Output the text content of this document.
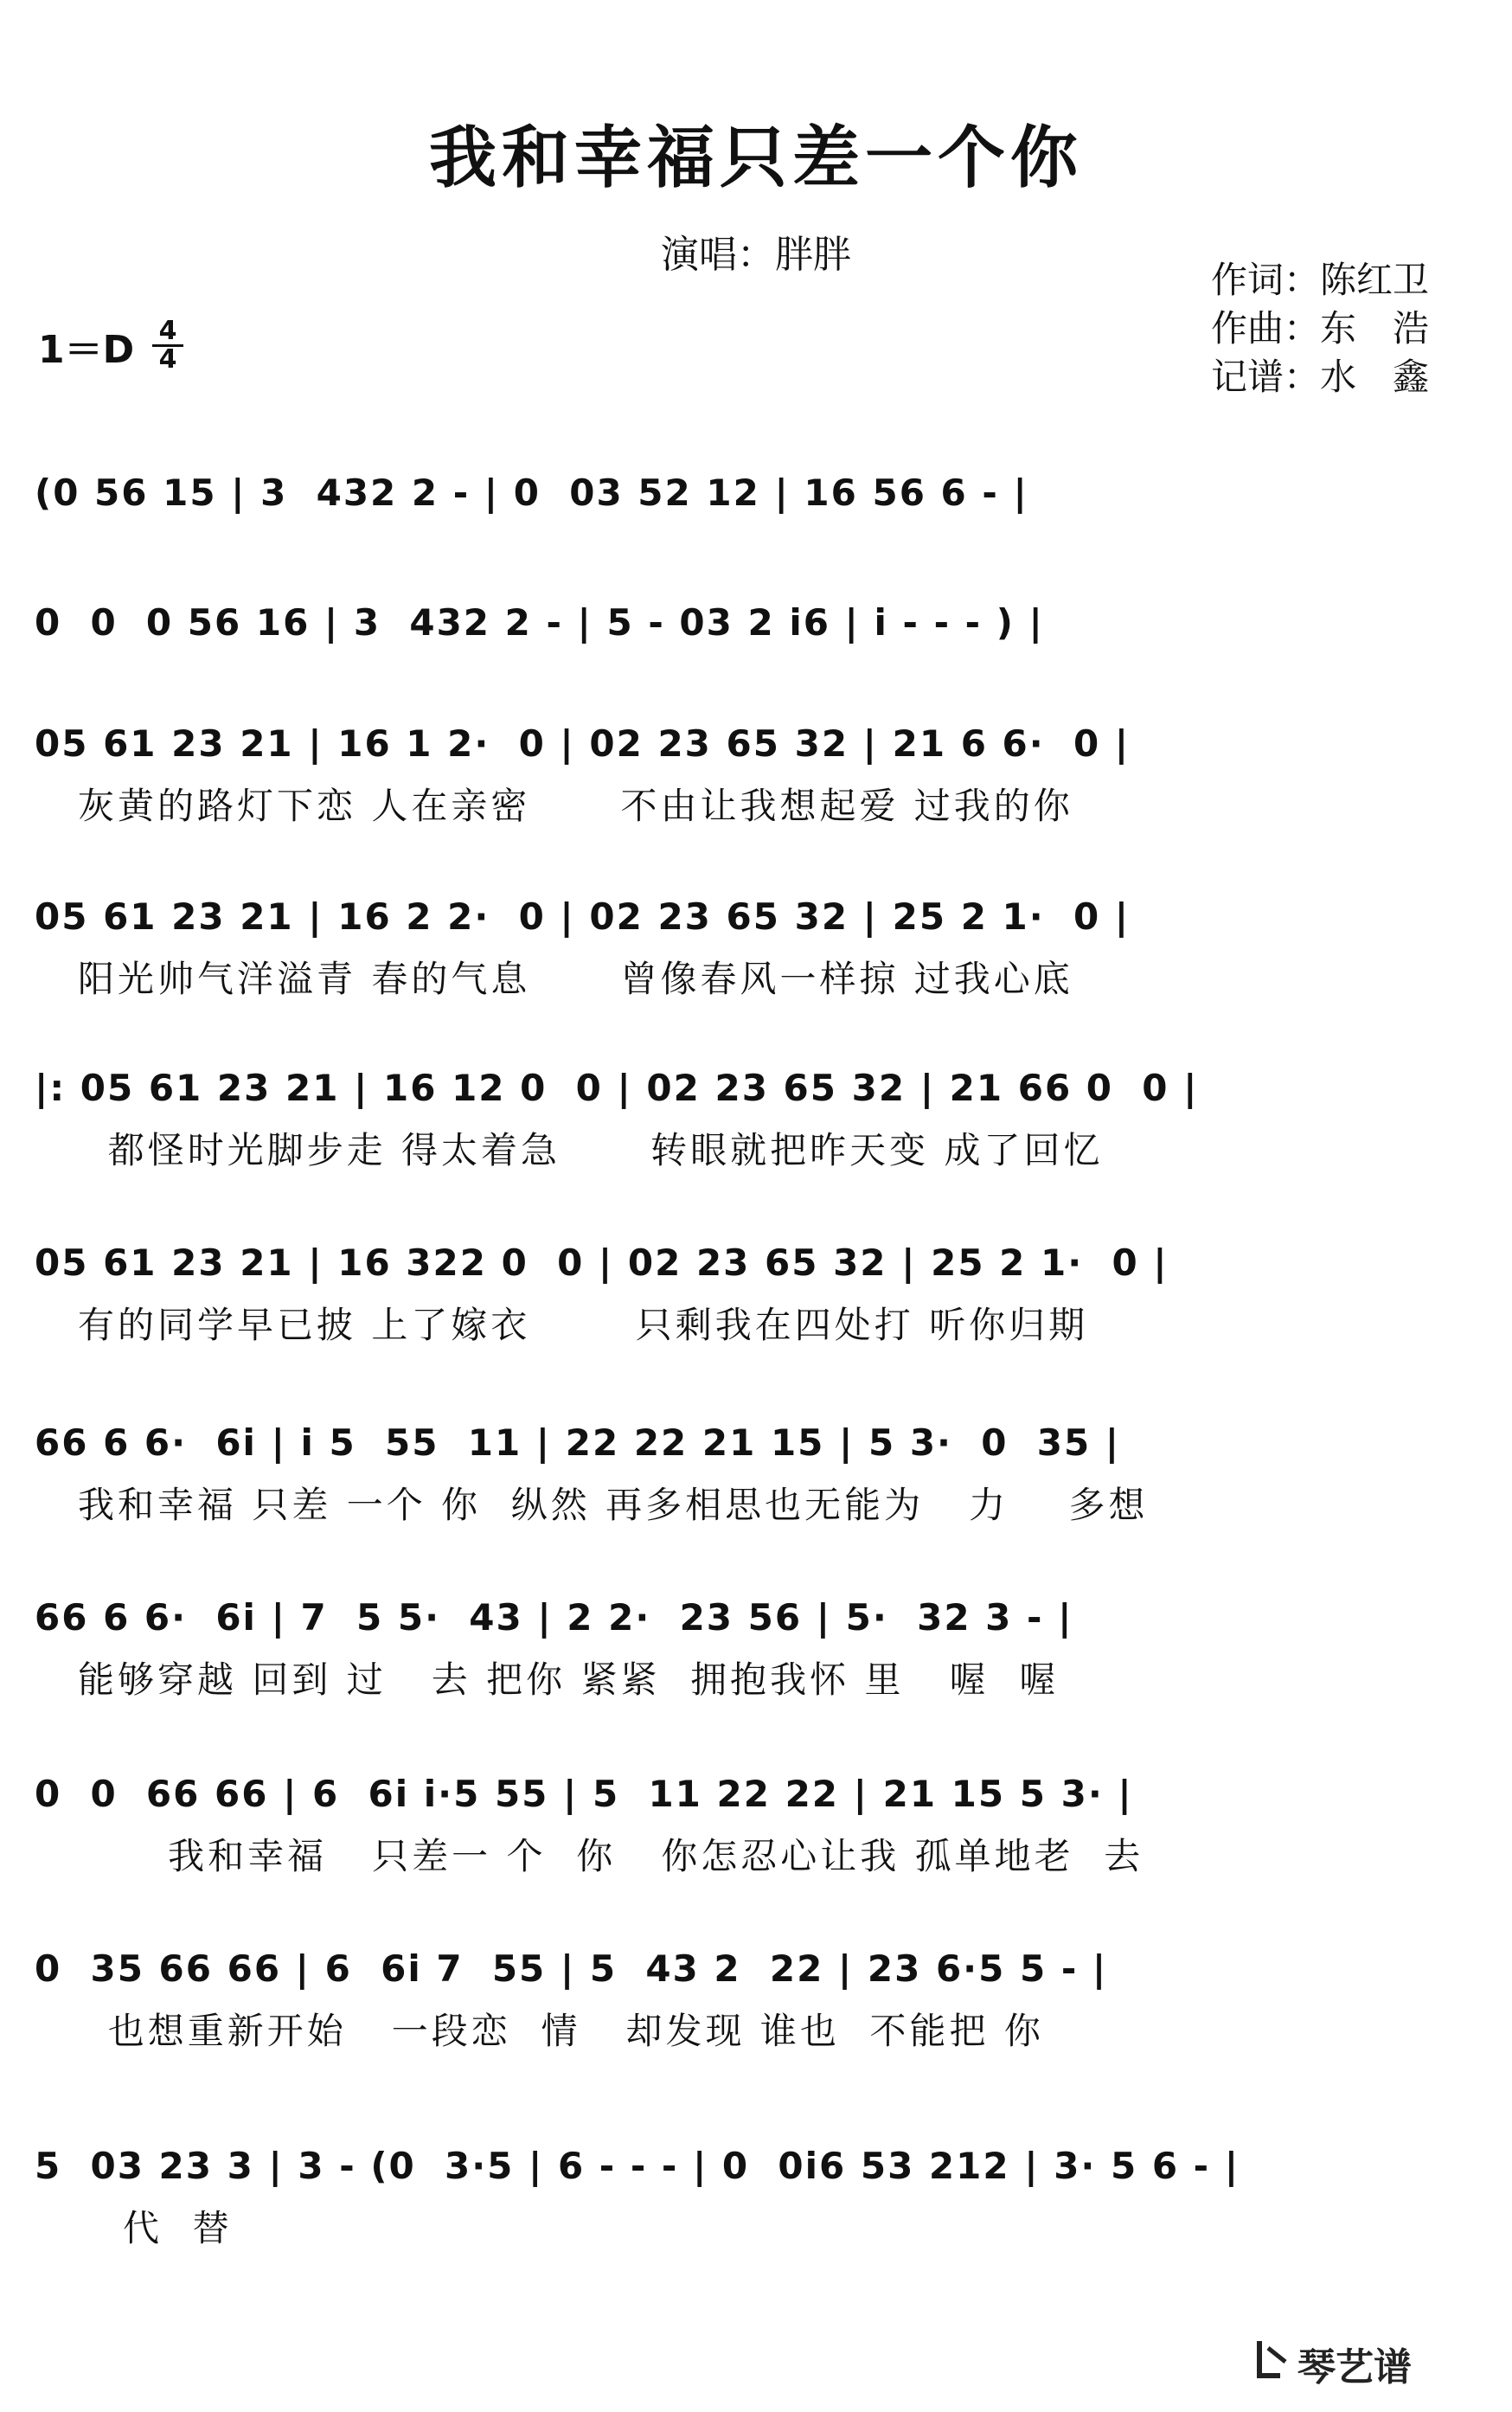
我和幸福只差一个你
演唱：胖胖
作词：陈红卫
作曲：东　浩
记谱：水　鑫
$1=D \frac{4}{4}$
(0 56 15 | 3  432 2 - | 0  03 52 12 | 16 56 6 - |
0  0  0 56 16 | 3  432 2 - | 5 - 03 2 i6 | i - - - ) |
05 61 23 21 | 16 1 2·  0 | 02 23 65 32 | 21 6 6·  0 |
灰黄的路灯下恋 人在亲密      不由让我想起爱 过我的你
05 61 23 21 | 16 2 2·  0 | 02 23 65 32 | 25 2 1·  0 |
阳光帅气洋溢青 春的气息      曾像春风一样掠 过我心底
|: 05 61 23 21 | 16 12 0  0 | 02 23 65 32 | 21 66 0  0 |
都怪时光脚步走 得太着急      转眼就把昨天变 成了回忆
05 61 23 21 | 16 322 0  0 | 02 23 65 32 | 25 2 1·  0 |
有的同学早已披 上了嫁衣       只剩我在四处打 听你归期
66 6 6·  6i | i 5  55  11 | 22 22 21 15 | 5 3·  0  35 |
我和幸福 只差 一个 你  纵然 再多相思也无能为   力    多想
66 6 6·  6i | 7  5 5·  43 | 2 2·  23 56 | 5·  32 3 - |
能够穿越 回到 过   去 把你 紧紧  拥抱我怀 里   喔  喔
0  0  66 66 | 6  6i i·5 55 | 5  11 22 22 | 21 15 5 3· |
我和幸福   只差一 个  你   你怎忍心让我 孤单地老  去
0  35 66 66 | 6  6i 7  55 | 5  43 2  22 | 23 6·5 5 - |
也想重新开始   一段恋  情   却发现 谁也  不能把 你
5  03 23 3 | 3 - (0  3·5 | 6 - - - | 0  0i6 53 212 | 3· 5 6 - |
代  替
琴艺谱
